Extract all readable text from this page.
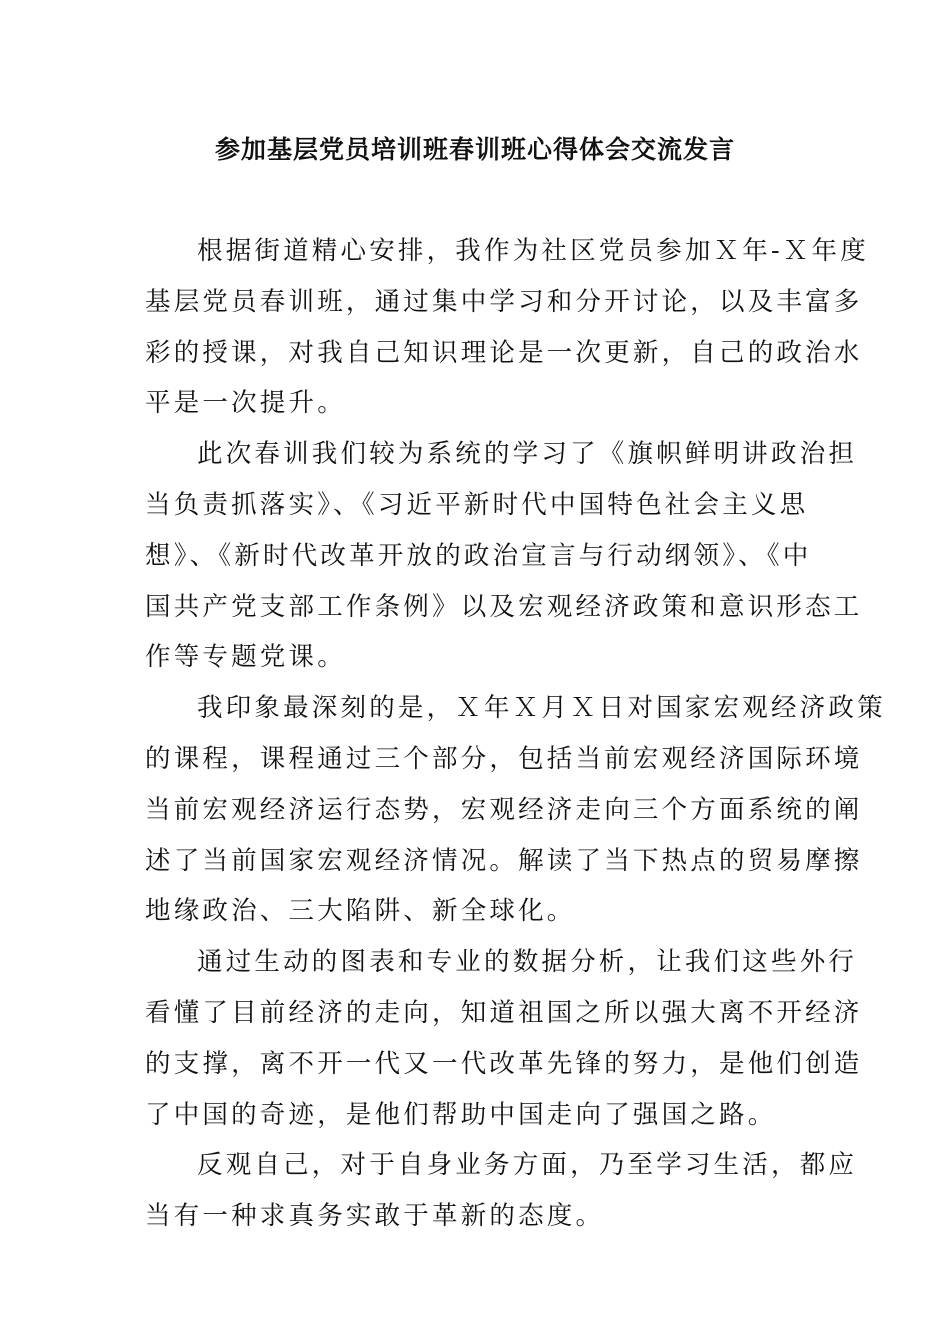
参加基层党员培训班春训班心得体会交流发言

根据街道精心安排，我作为社区党员参加Ｘ年-Ｘ年度
基层党员春训班，通过集中学习和分开讨论，以及丰富多
彩的授课，对我自己知识理论是一次更新，自己的政治水
平是一次提升。

此次春训我们较为系统的学习了《旗帜鲜明讲政治担
当负责抓落实》、《习近平新时代中国特色社会主义思
想》、《新时代改革开放的政治宣言与行动纲领》、《中
国共产党支部工作条例》以及宏观经济政策和意识形态工
作等专题党课。

我印象最深刻的是，Ｘ年Ｘ月Ｘ日对国家宏观经济政策
的课程，课程通过三个部分，包括当前宏观经济国际环境
当前宏观经济运行态势，宏观经济走向三个方面系统的阐
述了当前国家宏观经济情况。解读了当下热点的贸易摩擦
地缘政治、三大陷阱、新全球化。

通过生动的图表和专业的数据分析，让我们这些外行
看懂了目前经济的走向，知道祖国之所以强大离不开经济
的支撑，离不开一代又一代改革先锋的努力，是他们创造
了中国的奇迹，是他们帮助中国走向了强国之路。

反观自己，对于自身业务方面，乃至学习生活，都应
当有一种求真务实敢于革新的态度。
